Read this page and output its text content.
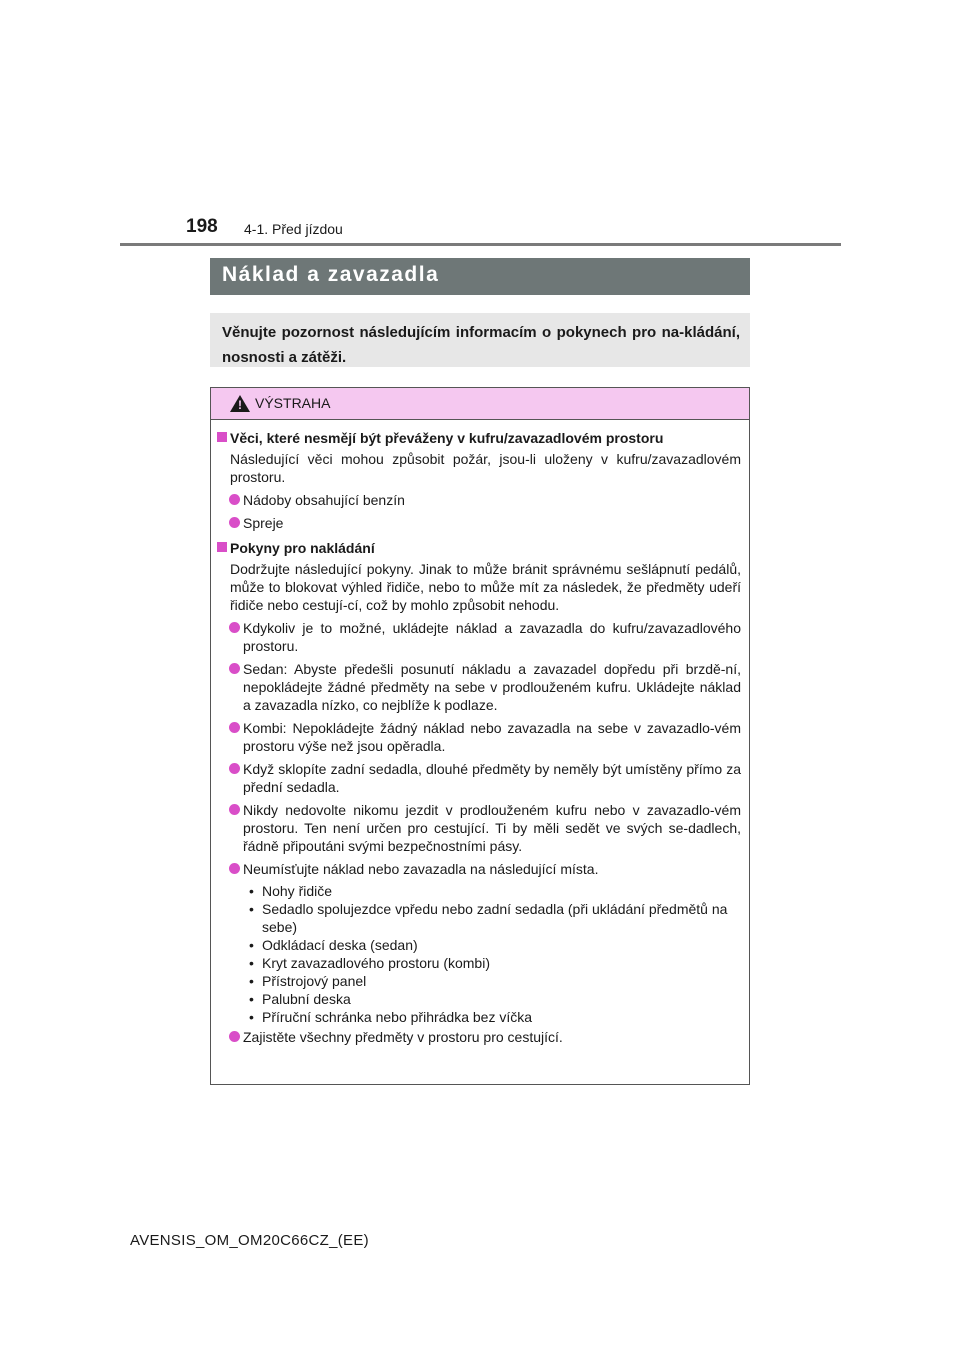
198 4-1. Před jízdou
Náklad a zavazadla
Věnujte pozornost následujícím informacím o pokynech pro na-kládání, nosnosti a zátěži.
! VÝSTRAHA
Věci, které nesmějí být převáženy v kufru/zavazadlovém prostoru
Následující věci mohou způsobit požár, jsou-li uloženy v kufru/zavazadlovém prostoru.
Nádoby obsahující benzín
Spreje
Pokyny pro nakládání
Dodržujte následující pokyny. Jinak to může bránit správnému sešlápnutí pedálů, může to blokovat výhled řidiče, nebo to může mít za následek, že předměty udeří řidiče nebo cestují-cí, což by mohlo způsobit nehodu.
Kdykoliv je to možné, ukládejte náklad a zavazadla do kufru/zavazadlového prostoru.
Sedan: Abyste předešli posunutí nákladu a zavazadel dopředu při brzdě-ní, nepokládejte žádné předměty na sebe v prodlouženém kufru. Ukládejte náklad a zavazadla nízko, co nejblíže k podlaze.
Kombi: Nepokládejte žádný náklad nebo zavazadla na sebe v zavazadlo-vém prostoru výše než jsou opěradla.
Když sklopíte zadní sedadla, dlouhé předměty by neměly být umístěny přímo za přední sedadla.
Nikdy nedovolte nikomu jezdit v prodlouženém kufru nebo v zavazadlo-vém prostoru. Ten není určen pro cestující. Ti by měli sedět ve svých se-dadlech, řádně připoutáni svými bezpečnostními pásy.
Neumísťujte náklad nebo zavazadla na následující místa.
• Nohy řidiče
• Sedadlo spolujezdce vpředu nebo zadní sedadla (při ukládání předmětů na sebe)
• Odkládací deska (sedan)
• Kryt zavazadlového prostoru (kombi)
• Přístrojový panel
• Palubní deska
• Příruční schránka nebo přihrádka bez víčka
Zajistěte všechny předměty v prostoru pro cestující.
AVENSIS_OM_OM20C66CZ_(EE)
